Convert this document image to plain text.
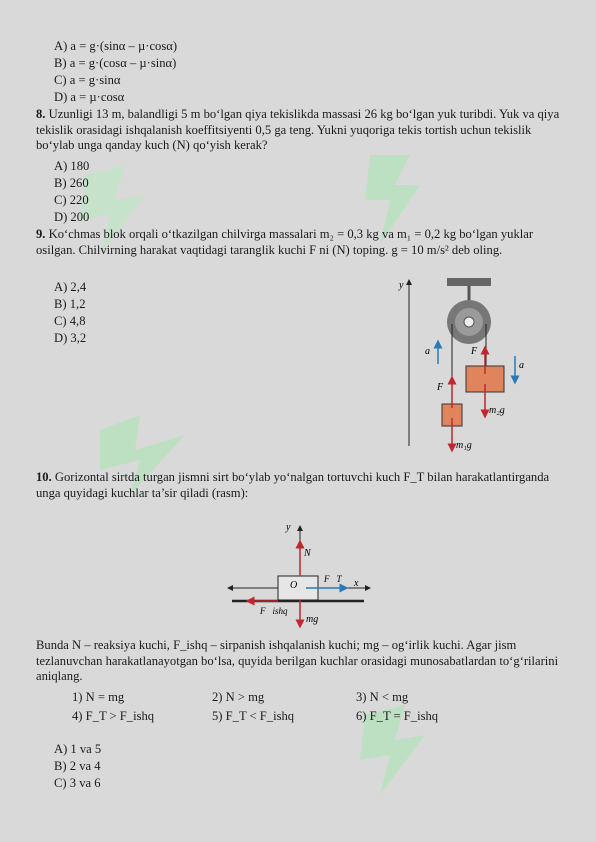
A) a = g·(sinα – µ·cosα)
B) a = g·(cosα – µ·sinα)
C) a = g·sinα
D) a = µ·cosα
8. Uzunligi 13 m, balandligi 5 m bo‘lgan qiya tekislikda massasi 26 kg bo‘lgan yuk turibdi. Yuk va qiya tekislik orasidagi ishqalanish koeffitsiyenti 0,5 ga teng. Yukni yuqoriga tekis tortish uchun tekislik bo‘ylab unga qanday kuch (N) qo‘yish kerak?
A) 180
B) 260
C) 220
D) 200
9. Ko‘chmas blok orqali o‘tkazilgan chilvirga massalari m₂ = 0,3 kg va m₁ = 0,2 kg bo‘lgan yuklar osilgan. Chilvirning harakat vaqtidagi taranglik kuchi F ni (N) toping. g = 10 m/s² deb oling.
A) 2,4
B) 1,2
C) 4,8
D) 3,2
y
F⃗
F⃗
m₂g⃗
m₁g⃗
a
a
10. Gorizontal sirtda turgan jismni sirt bo‘ylab yo‘nalgan tortuvchi kuch F_T bilan harakatlantirganda unga quyidagi kuchlar ta’sir qiladi (rasm):
x
y
O
N⃗
F⃗T
F⃗ishq
mg⃗
Bunda N – reaksiya kuchi, F_ishq – sirpanish ishqalanish kuchi; mg – og‘irlik kuchi. Agar jism tezlanuvchan harakatlanayotgan bo‘lsa, quyida berilgan kuchlar orasidagi munosabatlardan to‘g‘rilarini aniqlang.
1) N = mg	2) N > mg	3) N < mg
4) F_T > F_ishq	5) F_T < F_ishq	6) F_T = F_ishq
A) 1 va 5
B) 2 va 4
C) 3 va 6
